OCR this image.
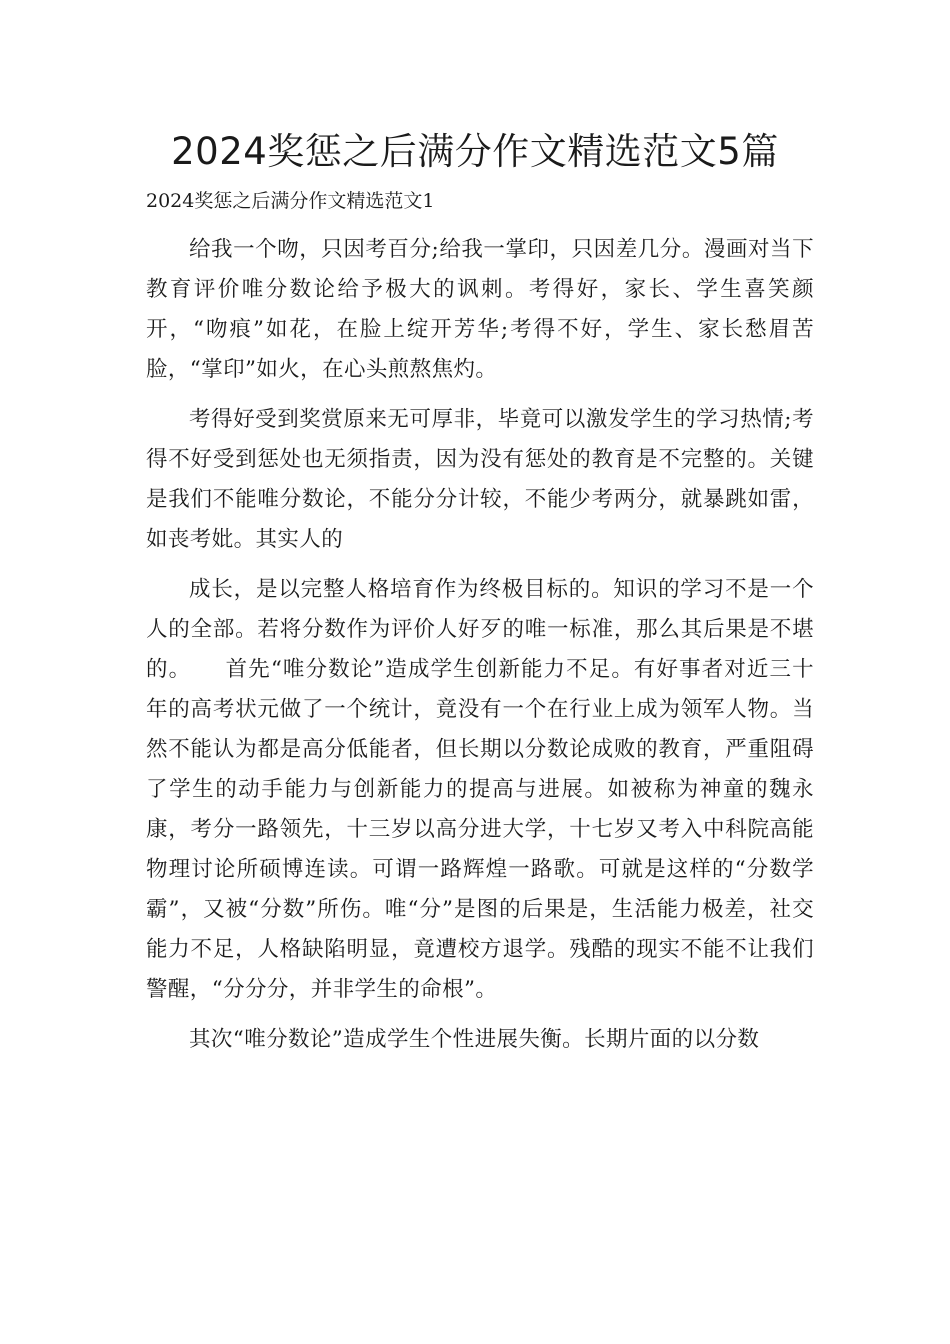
2024奖惩之后满分作文精选范文5篇
2024奖惩之后满分作文精选范文1

给我一个吻，只因考百分;给我一掌印，只因差几分。漫画对当下教育评价唯分数论给予极大的讽刺。考得好，家长、学生喜笑颜开，“吻痕”如花，在脸上绽开芳华;考得不好，学生、家长愁眉苦脸，“掌印”如火，在心头煎熬焦灼。

考得好受到奖赏原来无可厚非，毕竟可以激发学生的学习热情;考得不好受到惩处也无须指责，因为没有惩处的教育是不完整的。关键是我们不能唯分数论，不能分分计较，不能少考两分，就暴跳如雷，如丧考妣。其实人的

成长，是以完整人格培育作为终极目标的。知识的学习不是一个人的全部。若将分数作为评价人好歹的唯一标准，那么其后果是不堪的。　　首先“唯分数论”造成学生创新能力不足。有好事者对近三十年的高考状元做了一个统计，竟没有一个在行业上成为领军人物。当然不能认为都是高分低能者，但长期以分数论成败的教育，严重阻碍了学生的动手能力与创新能力的提高与进展。如被称为神童的魏永康，考分一路领先，十三岁以高分进大学，十七岁又考入中科院高能物理讨论所硕博连读。可谓一路辉煌一路歌。可就是这样的“分数学霸”，又被“分数”所伤。唯“分”是图的后果是，生活能力极差，社交能力不足，人格缺陷明显，竟遭校方退学。残酷的现实不能不让我们警醒，“分分分，并非学生的命根”。

其次“唯分数论”造成学生个性进展失衡。长期片面的以分数
